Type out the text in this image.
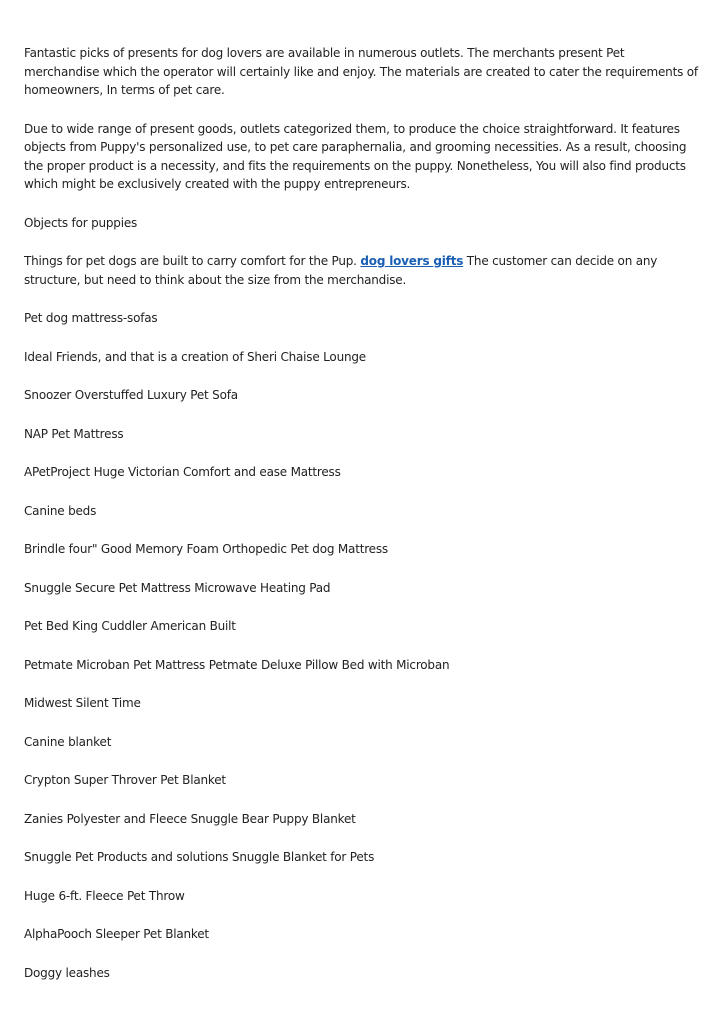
Fantastic picks of presents for dog lovers are available in numerous outlets. The merchants present Pet merchandise which the operator will certainly like and enjoy. The materials are created to cater the requirements of homeowners, In terms of pet care.

Due to wide range of present goods, outlets categorized them, to produce the choice straightforward. It features objects from Puppy's personalized use, to pet care paraphernalia, and grooming necessities. As a result, choosing the proper product is a necessity, and fits the requirements on the puppy. Nonetheless, You will also find products which might be exclusively created with the puppy entrepreneurs.

Objects for puppies

Things for pet dogs are built to carry comfort for the Pup. dog lovers gifts The customer can decide on any structure, but need to think about the size from the merchandise.

Pet dog mattress-sofas

Ideal Friends, and that is a creation of Sheri Chaise Lounge

Snoozer Overstuffed Luxury Pet Sofa

NAP Pet Mattress

APetProject Huge Victorian Comfort and ease Mattress

Canine beds

Brindle four" Good Memory Foam Orthopedic Pet dog Mattress

Snuggle Secure Pet Mattress Microwave Heating Pad

Pet Bed King Cuddler American Built

Petmate Microban Pet Mattress Petmate Deluxe Pillow Bed with Microban

Midwest Silent Time

Canine blanket

Crypton Super Throver Pet Blanket

Zanies Polyester and Fleece Snuggle Bear Puppy Blanket

Snuggle Pet Products and solutions Snuggle Blanket for Pets

Huge 6-ft. Fleece Pet Throw

AlphaPooch Sleeper Pet Blanket

Doggy leashes
